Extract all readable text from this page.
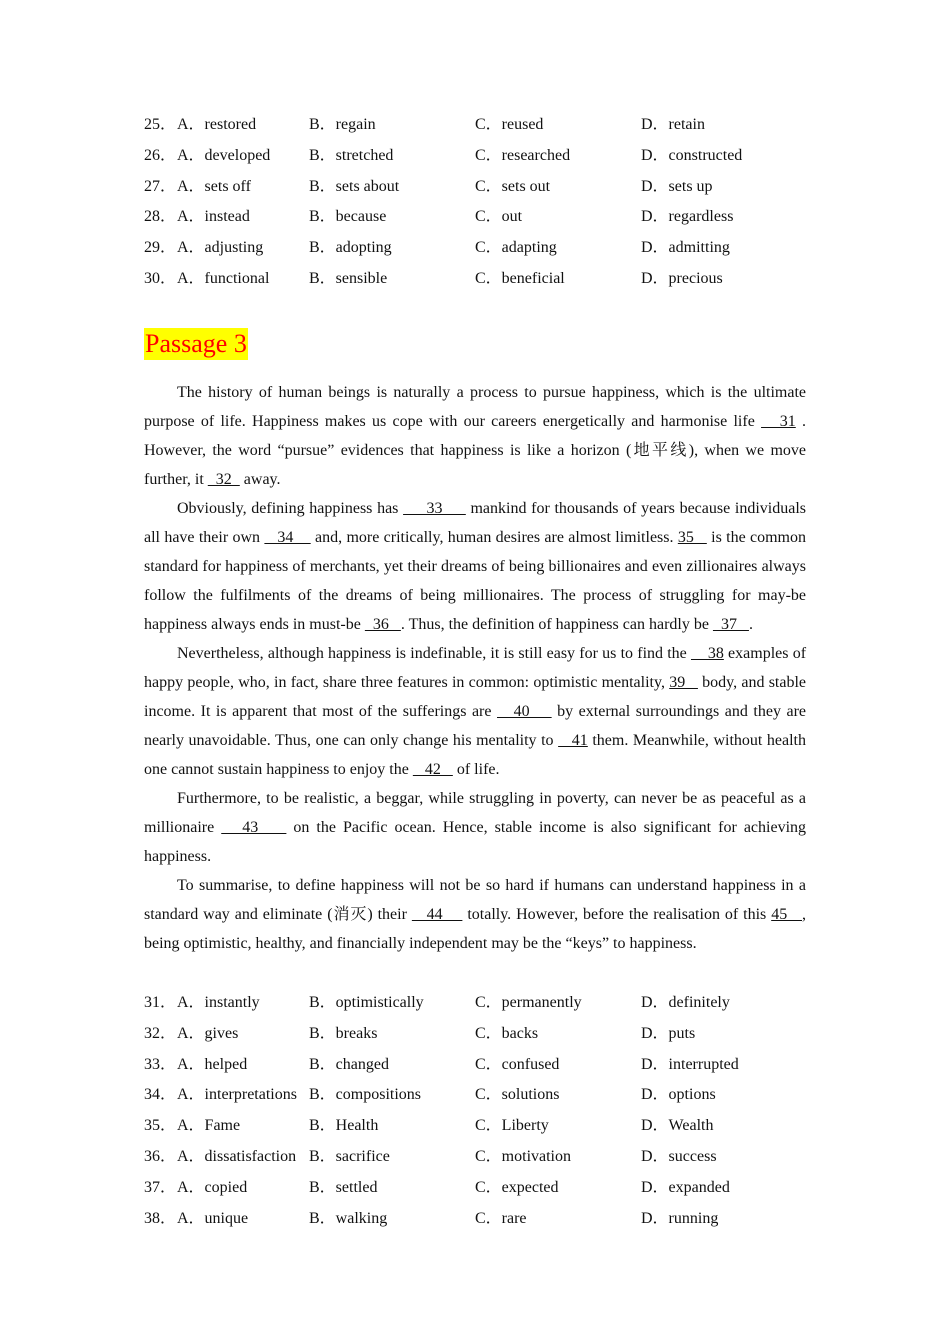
25． A．restored	B．regain	C．reused	D．retain
26． A．developed B．stretched	C．researched	D．constructed
27． A．sets off	B．sets about	C．sets out	D．sets up
28． A．instead	B．because	C．out	D．regardless
29． A．adjusting	B．adopting	C．adapting	D．admitting
30． A．functional B．sensible	C．beneficial	D．precious
Passage 3

The history of human beings is naturally a process to pursue happiness, which is the ultimate purpose of life. Happiness makes us cope with our careers energetically and harmonise life    31 . However, the word “pursue” evidences that happiness is like a horizon (地平线), when we move further, it   32   away.

Obviously, defining happiness has      33      mankind for thousands of years because individuals all have their own    34     and, more critically, human desires are almost limitless. 35    is the common standard for happiness of merchants, yet their dreams of being billionaires and even zillionaires always follow the fulfilments of the dreams of being millionaires. The process of struggling for may-be happiness always ends in must-be   36   . Thus, the definition of happiness can hardly be   37   .

Nevertheless, although happiness is indefinable, it is still easy for us to find the     38 examples of happy people, who, in fact, share three features in common: optimistic mentality, 39    body, and stable income. It is apparent that most of the sufferings are    40     by external surroundings and they are nearly unavoidable. Thus, one can only change his mentality to    41 them. Meanwhile, without health one cannot sustain happiness to enjoy the    42    of life.

Furthermore, to be realistic, a beggar, while struggling in poverty, can never be as peaceful as a millionaire    43     on the Pacific ocean. Hence, stable income is also significant for achieving happiness.

To summarise, to define happiness will not be so hard if humans can understand happiness in a standard way and eliminate (消灭) their    44     totally. However, before the realisation of this 45   , being optimistic, healthy, and financially independent may be the “keys” to happiness.

31． A．instantly	B．optimistically	C．permanently	D．definitely
32． A．gives	B．breaks	C．backs	D．puts
33． A．helped	B．changed	C．confused	D．interrupted
34． A．interpretations B．compositions	C．solutions	D．options
35． A．Fame	B．Health	C．Liberty	D．Wealth
36． A．dissatisfaction B．sacrifice	C．motivation	D．success
37． A．copied	B．settled	C．expected	D．expanded
38． A．unique	B．walking	C．rare	D．running
